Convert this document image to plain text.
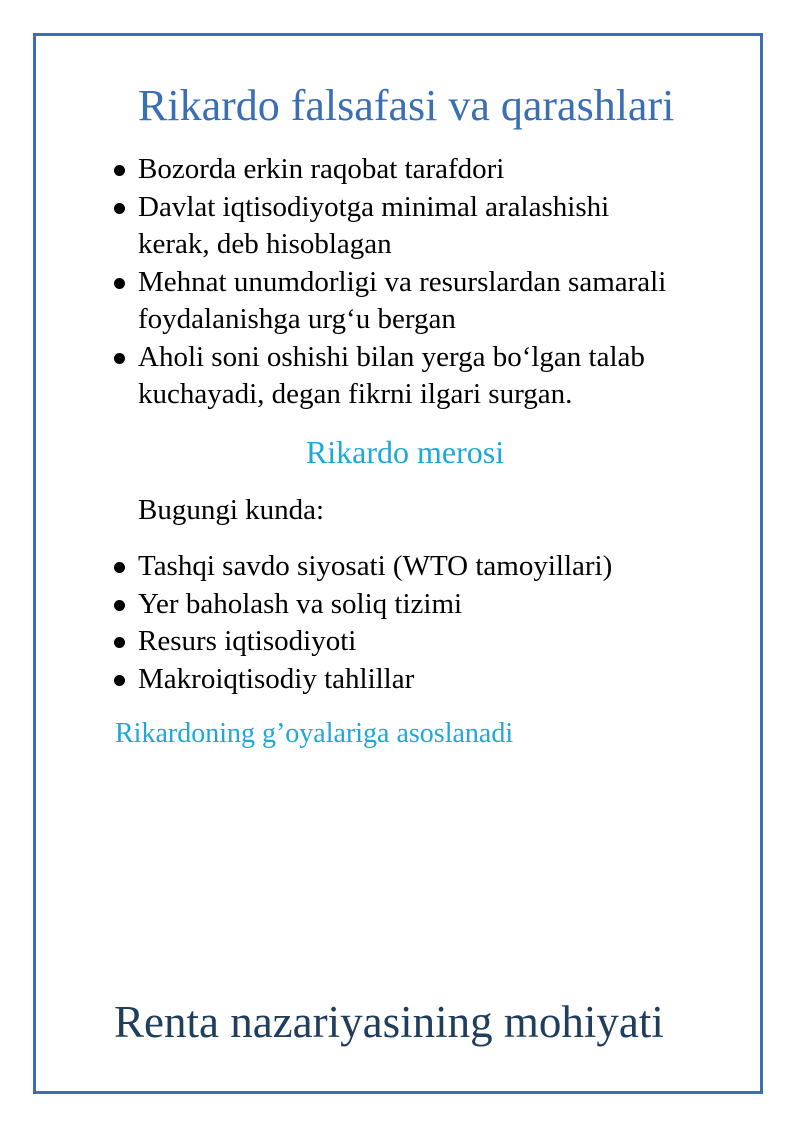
Rikardo falsafasi va qarashlari
Bozorda erkin raqobat tarafdori
Davlat iqtisodiyotga minimal aralashishi
kerak, deb hisoblagan
Mehnat unumdorligi va resurslardan samarali
foydalanishga urg‘u bergan
Aholi soni oshishi bilan yerga bo‘lgan talab
kuchayadi, degan fikrni ilgari surgan.
Rikardo merosi

Bugungi kunda:

Tashqi savdo siyosati (WTO tamoyillari)
Yer baholash va soliq tizimi
Resurs iqtisodiyoti
Makroiqtisodiy tahlillar

Rikardoning g’oyalariga asoslanadi

Renta nazariyasining mohiyati
